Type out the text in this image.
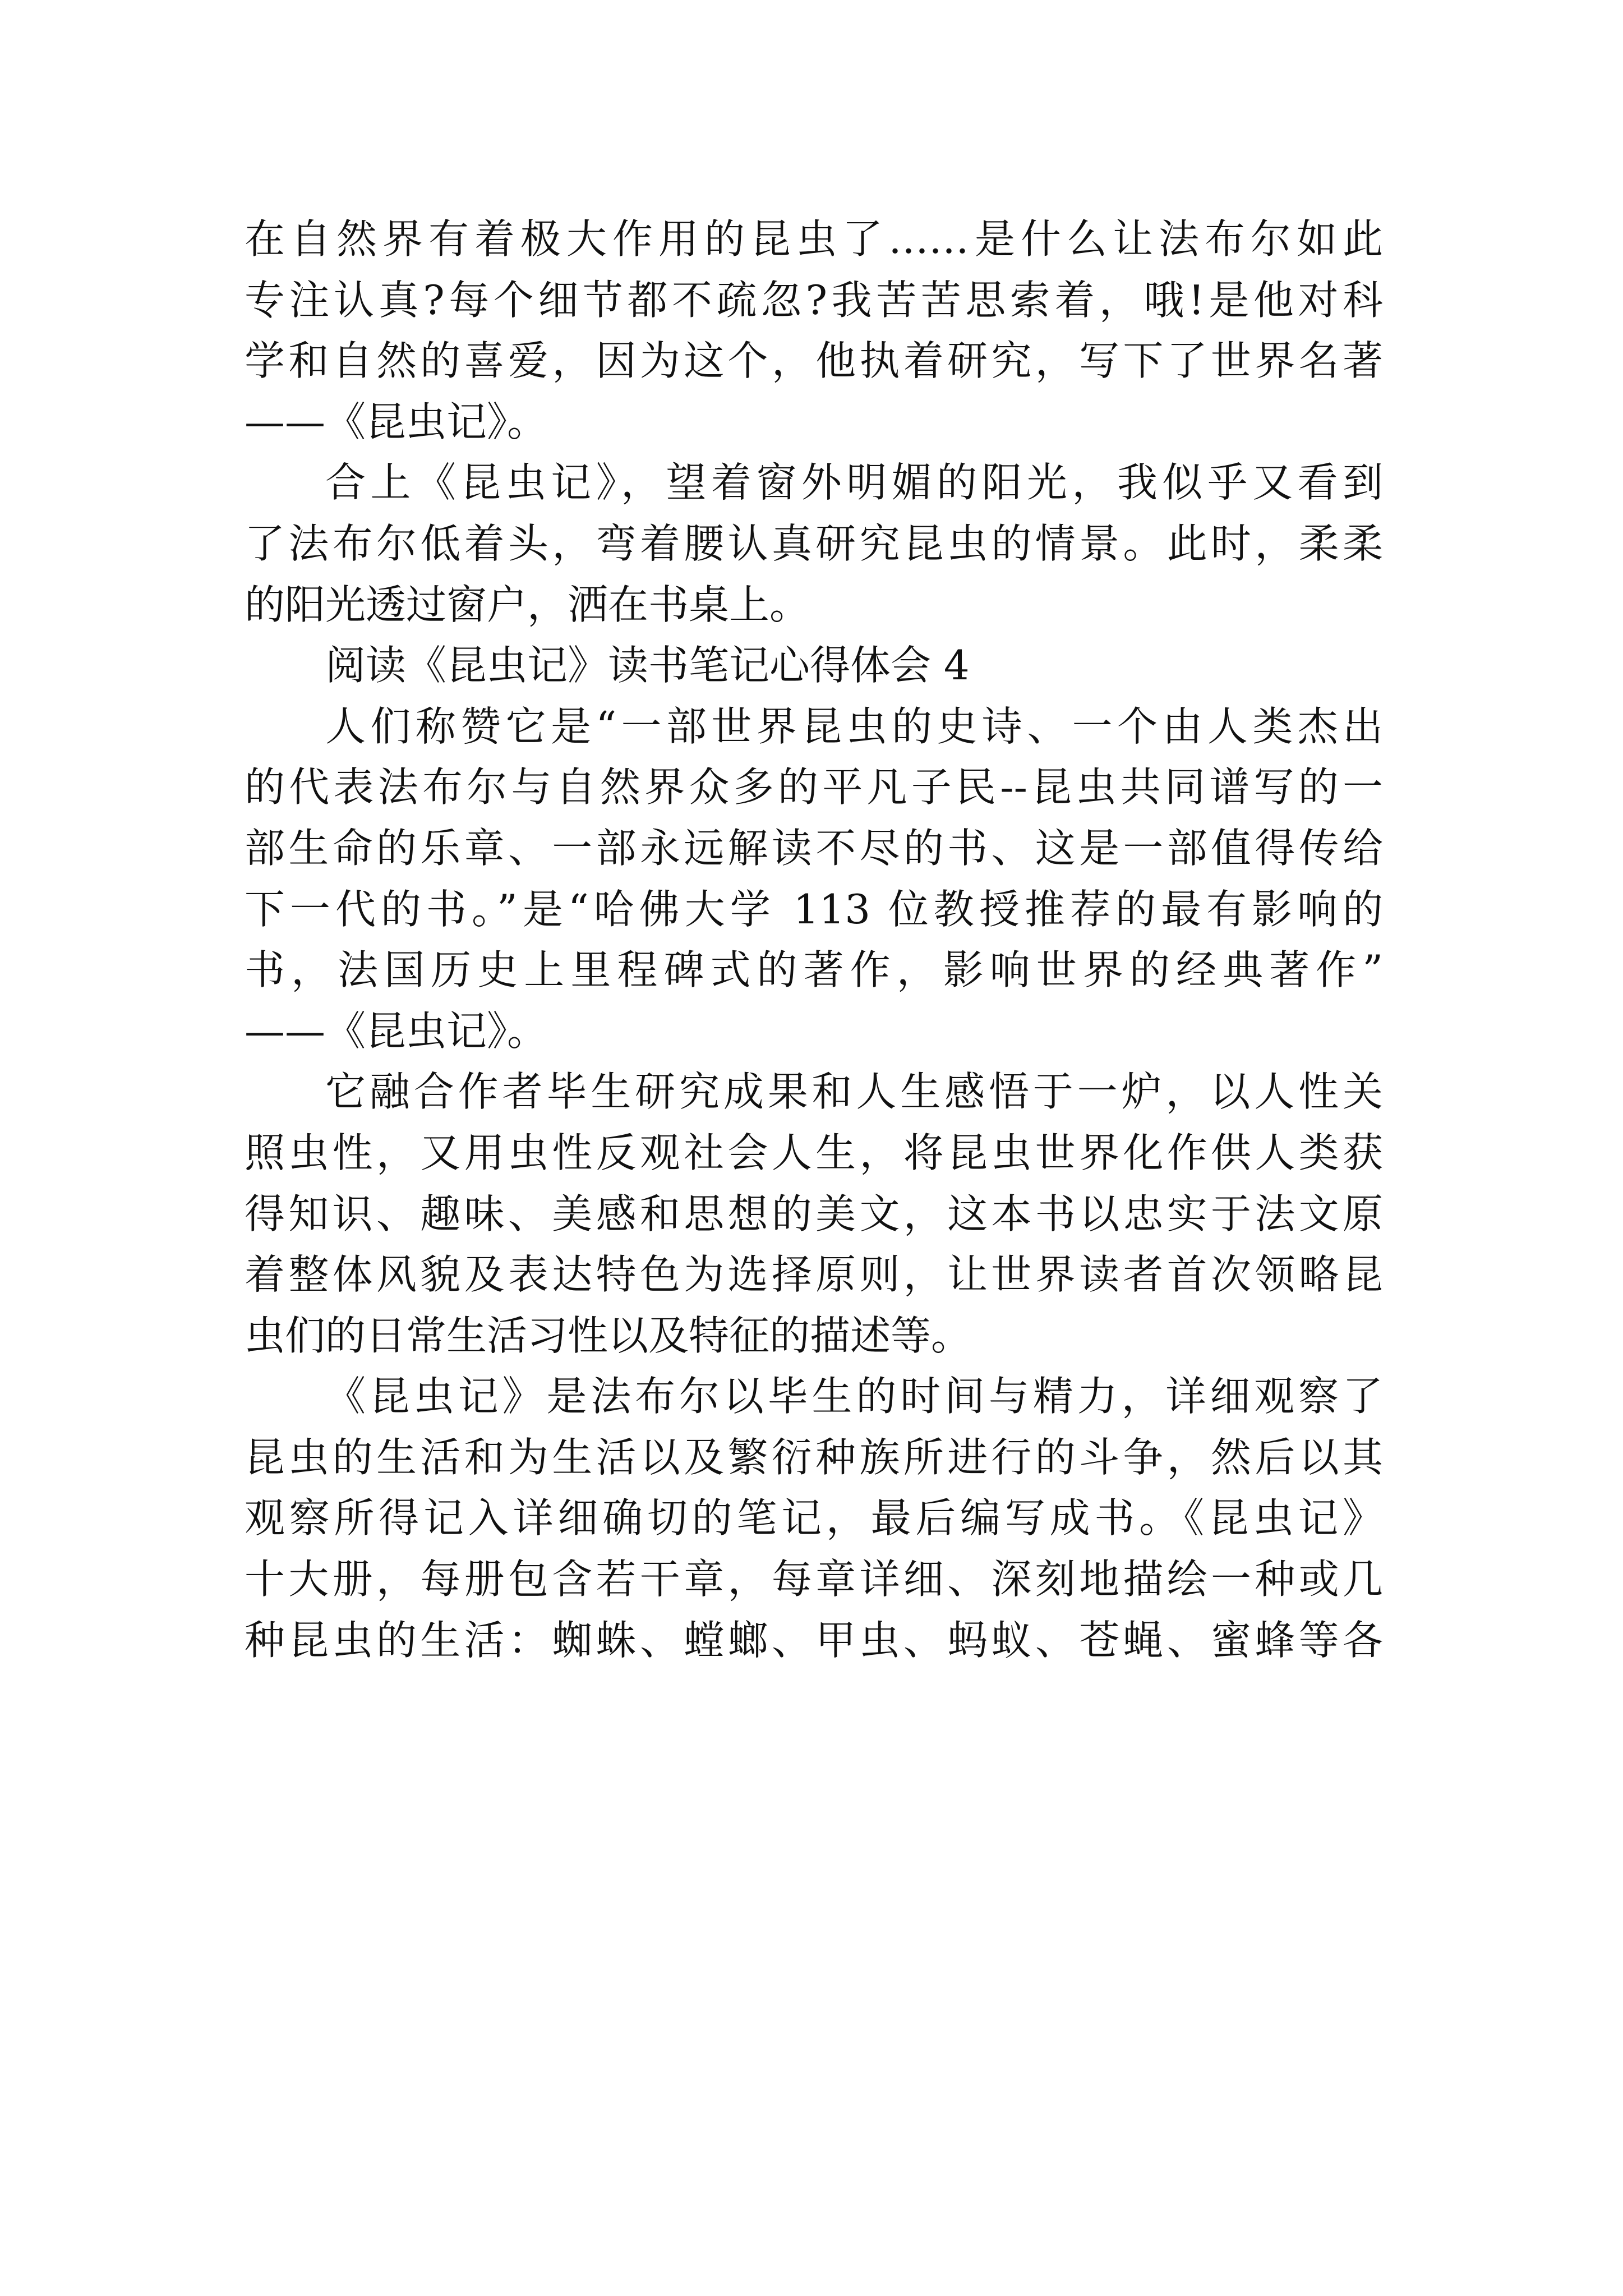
在自然界有着极大作用的昆虫了……是什么让法布尔如此
专注认真?每个细节都不疏忽?我苦苦思索着，哦!是他对科
学和自然的喜爱，因为这个，他执着研究，写下了世界名著
——《昆虫记》。
合上《昆虫记》，望着窗外明媚的阳光，我似乎又看到
了法布尔低着头，弯着腰认真研究昆虫的情景。此时，柔柔
的阳光透过窗户，洒在书桌上。
阅读《昆虫记》读书笔记心得体会 4
人们称赞它是“一部世界昆虫的史诗、一个由人类杰出
的代表法布尔与自然界众多的平凡子民--昆虫共同谱写的一
部生命的乐章、一部永远解读不尽的书、这是一部值得传给
下一代的书。”是“哈佛大学 113 位教授推荐的最有影响的
书，法国历史上里程碑式的著作，影响世界的经典著作”
——《昆虫记》。
它融合作者毕生研究成果和人生感悟于一炉，以人性关
照虫性，又用虫性反观社会人生，将昆虫世界化作供人类获
得知识、趣味、美感和思想的美文，这本书以忠实于法文原
着整体风貌及表达特色为选择原则，让世界读者首次领略昆
虫们的日常生活习性以及特征的描述等。
《昆虫记》是法布尔以毕生的时间与精力，详细观察了
昆虫的生活和为生活以及繁衍种族所进行的斗争，然后以其
观察所得记入详细确切的笔记，最后编写成书。《昆虫记》
十大册，每册包含若干章，每章详细、深刻地描绘一种或几
种昆虫的生活：蜘蛛、螳螂、甲虫、蚂蚁、苍蝇、蜜蜂等各
